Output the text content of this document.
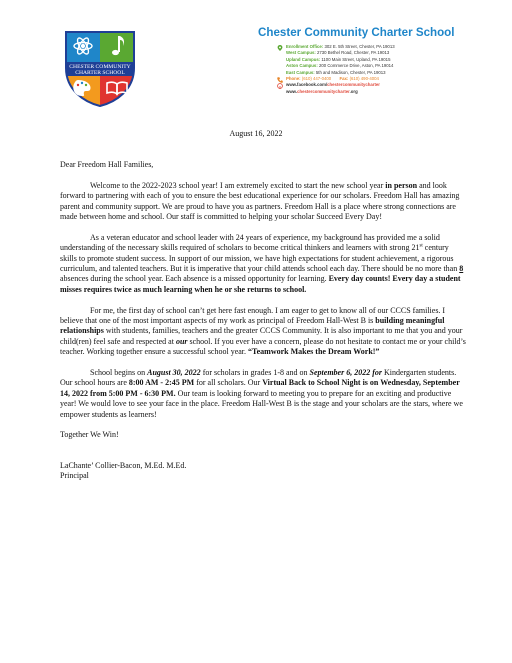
CHESTER COMMUNITY
CHARTER SCHOOL
Chester Community Charter School
Enrollment Office: 302 E. 5th Street, Chester, PA 19013
West Campus: 2730 Bethel Road, Chester, PA 19013
Upland Campus: 1100 Main Street, Upland, PA 19015
Aston Campus: 200 Commerce Drive, Aston, PA 19014
East Campus: 5th and Madison, Chester, PA 19013
Phone: (610) 447-0400 Fax: (610) 490-4004
www.facebook.com/chestercommunitycharter
www.chestercommunitycharter.org
August 16, 2022

Dear Freedom Hall Families,

Welcome to the 2022-2023 school year! I am extremely excited to start the new school year in person and look forward to partnering with each of you to ensure the best educational experience for our scholars. Freedom Hall has amazing parent and community support. We are proud to have you as partners. Freedom Hall is a place where strong connections are made between home and school. Our staff is committed to helping your scholar Succeed Every Day!

As a veteran educator and school leader with 24 years of experience, my background has provided me a solid understanding of the necessary skills required of scholars to become critical thinkers and learners with strong 21st century skills to promote student success. In support of our mission, we have high expectations for student achievement, a rigorous curriculum, and talented teachers. But it is imperative that your child attends school each day. There should be no more than 8 absences during the school year. Each absence is a missed opportunity for learning. Every day counts! Every day a student misses requires twice as much learning when he or she returns to school.

For me, the first day of school can’t get here fast enough. I am eager to get to know all of our CCCS families. I believe that one of the most important aspects of my work as principal of Freedom Hall-West B is building meaningful relationships with students, families, teachers and the greater CCCS Community. It is also important to me that you and your child(ren) feel safe and respected at our school. If you ever have a concern, please do not hesitate to contact me or your child’s teacher. Working together ensure a successful school year. “Teamwork Makes the Dream Work!”

School begins on August 30, 2022 for scholars in grades 1-8 and on September 6, 2022 for Kindergarten students. Our school hours are 8:00 AM - 2:45 PM for all scholars. Our Virtual Back to School Night is on Wednesday, September 14, 2022 from 5:00 PM - 6:30 PM. Our team is looking forward to meeting you to prepare for an exciting and productive year! We would love to see your face in the place. Freedom Hall-West B is the stage and your scholars are the stars, where we empower students as learners!

Together We Win!

LaChante’ Collier-Bacon, M.Ed. M.Ed.
Principal
